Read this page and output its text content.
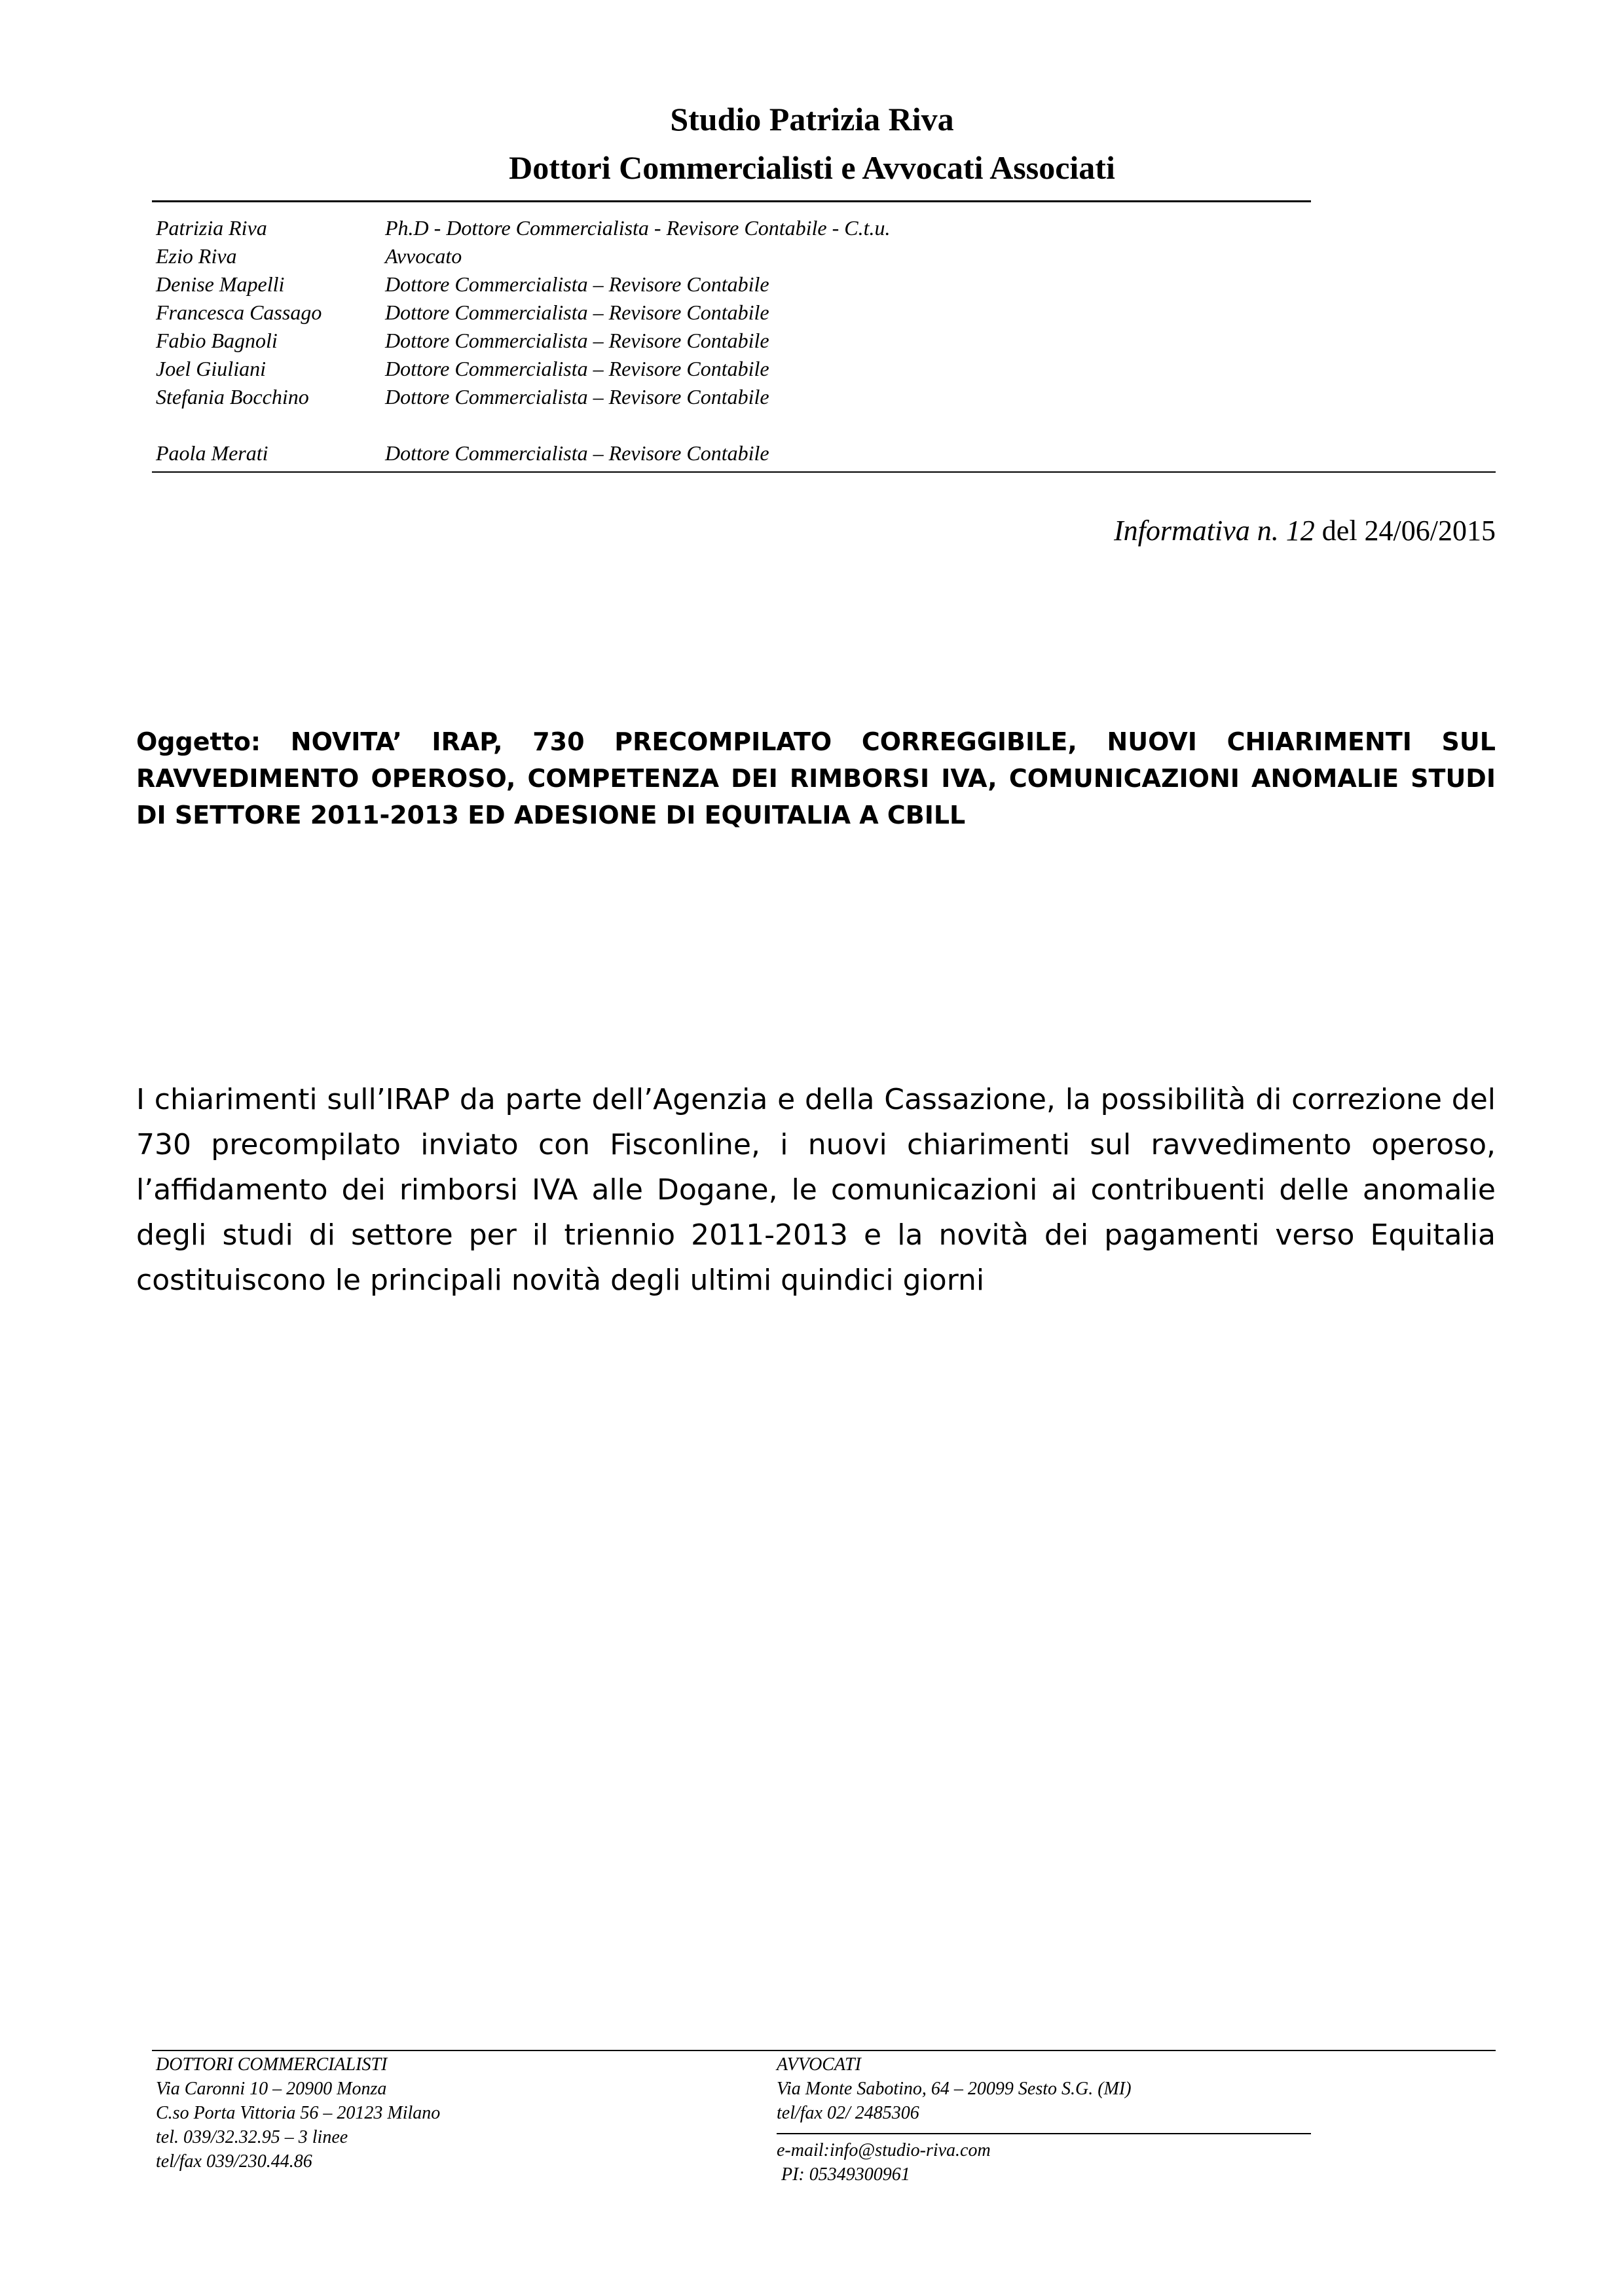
Studio Patrizia Riva
Dottori Commercialisti e Avvocati Associati
Patrizia Riva	Ph.D - Dottore Commercialista - Revisore Contabile - C.t.u.
Ezio Riva	Avvocato
Denise Mapelli	Dottore Commercialista – Revisore Contabile
Francesca Cassago	Dottore Commercialista – Revisore Contabile
Fabio Bagnoli	Dottore Commercialista – Revisore Contabile
Joel Giuliani	Dottore Commercialista – Revisore Contabile
Stefania Bocchino	Dottore Commercialista – Revisore Contabile
Paola Merati	Dottore Commercialista – Revisore Contabile
Informativa n. 12 del 24/06/2015
Oggetto: NOVITA’ IRAP, 730 PRECOMPILATO CORREGGIBILE, NUOVI CHIARIMENTI SUL RAVVEDIMENTO OPEROSO, COMPETENZA DEI RIMBORSI IVA, COMUNICAZIONI ANOMALIE STUDI DI SETTORE 2011-2013 ED ADESIONE DI EQUITALIA A CBILL
I chiarimenti sull’IRAP da parte dell’Agenzia e della Cassazione, la possibilità di correzione del 730 precompilato inviato con Fisconline, i nuovi chiarimenti sul ravvedimento operoso, l’affidamento dei rimborsi IVA alle Dogane, le comunicazioni ai contribuenti delle anomalie degli studi di settore per il triennio 2011-2013 e la novità dei pagamenti verso Equitalia costituiscono le principali novità degli ultimi quindici giorni
DOTTORI COMMERCIALISTI
Via Caronni 10 – 20900 Monza
C.so Porta Vittoria 56 – 20123 Milano
tel. 039/32.32.95 – 3 linee
tel/fax 039/230.44.86
AVVOCATI
Via Monte Sabotino, 64 – 20099 Sesto S.G. (MI)
tel/fax 02/ 2485306
e-mail:info@studio-riva.com
PI: 05349300961
